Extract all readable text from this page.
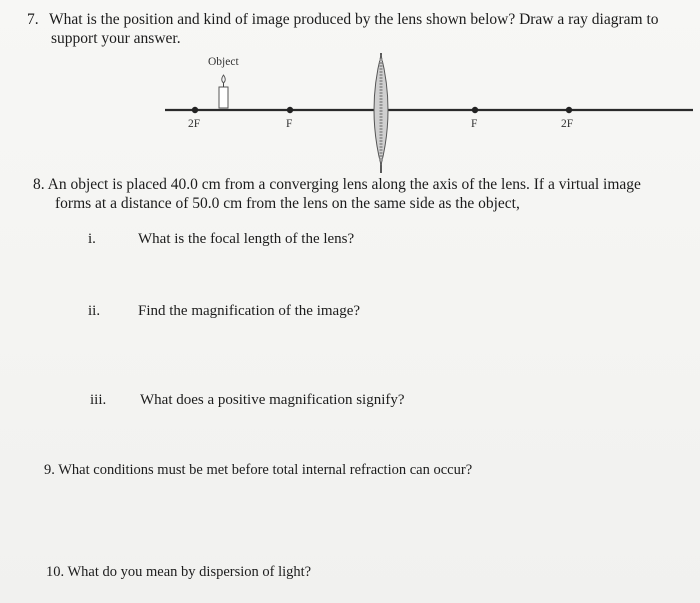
7. What is the position and kind of image produced by the lens shown below? Draw a ray diagram to
support your answer.
Object
2F	F	F	2F
8. An object is placed 40.0 cm from a converging lens along the axis of the lens. If a virtual image
forms at a distance of 50.0 cm from the lens on the same side as the object,
i.	What is the focal length of the lens?
ii.	Find the magnification of the image?
iii. What does a positive magnification signify?
9. What conditions must be met before total internal refraction can occur?
10. What do you mean by dispersion of light?
